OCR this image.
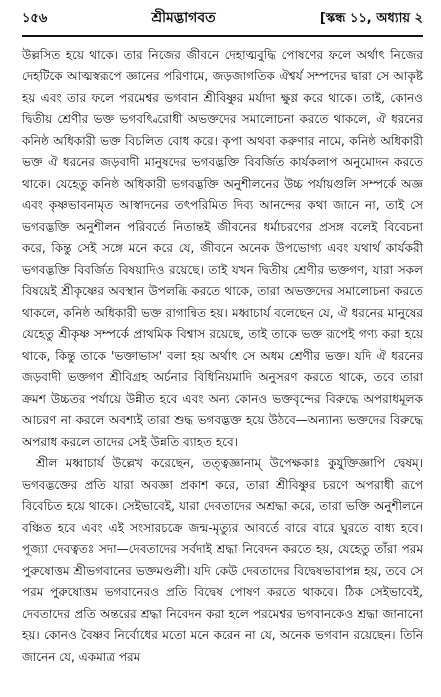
১৫৬	শ্রীমদ্ভাগবত	[স্কন্ধ ১১, অধ্যায় ২

উল্লসিত হয়ে থাকে। তার নিজের জীবনে দেহাত্মবুদ্ধি পোষণের ফলে অর্থাৎ নিজের দেহটিকে আত্মস্বরূপে জ্ঞানের পরিণামে, জড়জাগতিক ঐশ্বর্য সম্পদের দ্বারা সে আকৃষ্ট হয় এবং তার ফলে পরমেশ্বর ভগবান শ্রীবিষ্ণুর মর্যাদা ক্ষুণ্ণ করে থাকে। তাই, কোনও দ্বিতীয় শ্রেণীর ভক্ত ভগবৎ্বিরোধী অভক্তদের সমালোচনা করতে থাকলে, ঐ ধরনের কনিষ্ঠ অধিকারী ভক্ত বিচলিত বোধ করে। কৃপা অথবা করুণার নামে, কনিষ্ঠ অধিকারী ভক্ত ঐ ধরনের জড়বাদী মানুষদের ভগবদ্ভক্তি বিবর্জিত কার্যকলাপ অনুমোদন করতে থাকে। যেহেতু কনিষ্ঠ অধিকারী ভগবদ্ভক্তি অনুশীলনের উচ্চ পর্যায়গুলি সম্পর্কে অজ্ঞ এবং কৃষ্ণভাবনামৃত আস্বাদনের তৎপরিমিত দিব্য আনন্দের কথা জানে না, তাই সে ভগবদ্ভক্তি অনুশীলন পরিবর্তে নিতান্তই জীবনের ধর্মাচরণের প্রসঙ্গ বলেই বিবেচনা করে, কিন্তু সেই সঙ্গে মনে করে যে, জীবনে অনেক উপভোগ্য এবং যথার্থ কার্যকরী ভগবদ্ভক্তি বিবর্জিত বিষয়াদিও রয়েছে। তাই যখন দ্বিতীয় শ্রেণীর ভক্তগণ, যারা সকল বিষয়েই শ্রীকৃষ্ণের অবস্থান উপলব্ধি করতে থাকে, তারা অভক্তদের সমালোচনা করতে থাকলে, কনিষ্ঠ অধিকারী ভক্ত রাগান্বিত হয়। মধ্বাচার্য বলেছেন যে, ঐ ধরনের মানুষের যেহেতু শ্রীকৃষ্ণ সম্পর্কে প্রাথমিক বিশ্বাস রয়েছে, তাই তাকে ভক্ত রূপেই গণ্য করা হয়ে থাকে, কিন্তু তাকে 'ভক্তাভাস' বলা হয় অর্থাৎ সে অধম শ্রেণীর ভক্ত। যদি ঐ ধরনের জড়বাদী ভক্তগণ শ্রীবিগ্রহ অর্চনার বিধিনিয়মাদি অনুসরণ করতে থাকে, তবে তারা ক্রমশ উচ্চতর পর্যায়ে উন্নীত হবে এবং অন্য কোনও ভক্তবৃন্দের বিরুদ্ধে অপরাধমূলক আচরণ না করলে অবশ্যই তারা শুদ্ধ ভগবদ্ভক্ত হয়ে উঠবে—অন্যান্য ভক্তদের বিরুদ্ধে অপরাধ করলে তাদের সেই উন্নতি ব্যাহত হবে।

শ্রীল মধ্বাচার্য উল্লেখ করেছেন, তত্ত্বজ্ঞানাম্ উপেক্ষকাঃ কুযুক্তিজ্ঞাপি দ্বেষম্। ভগবদ্ভক্তের প্রতি যারা অবজ্ঞা প্রকাশ করে, তারা শ্রীবিষ্ণুর চরণে অপরাধী রূপে বিবেচিত হয়ে থাকে। সেইভাবেই, যারা দেবতাদের অশ্রদ্ধা করে, তারা ভক্তি অনুশীলনে বঞ্চিত হবে এবং এই সংসারচক্রে জন্ম-মৃত্যুর আবর্তে বারে বারে ঘুরতে বাধ্য হবে। পূজ্যা দেবত্বতঃ সদা—দেবতাদের সর্বদাই শ্রদ্ধা নিবেদন করতে হয়, যেহেতু তাঁরা পরম পুরুষোত্তম শ্রীভগবানের ভক্তমণ্ডলী। যদি কেউ দেবতাদের বিদ্বেষভাবাপন্ন হয়, তবে সে পরম পুরুষোত্তম ভগবানেরও প্রতি বিদ্বেষ পোষণ করতে থাকবে। ঠিক সেইভাবেই, দেবতাদের প্রতি অন্তরের শ্রদ্ধা নিবেদন করা হলে পরমেশ্বর ভগবানকেও শ্রদ্ধা জানানো হয়। কোনও বৈষ্ণব নির্বোধের মতো মনে করেন না যে, অনেক ভগবান রয়েছেন। তিনি জানেন যে, একমাত্র পরম
